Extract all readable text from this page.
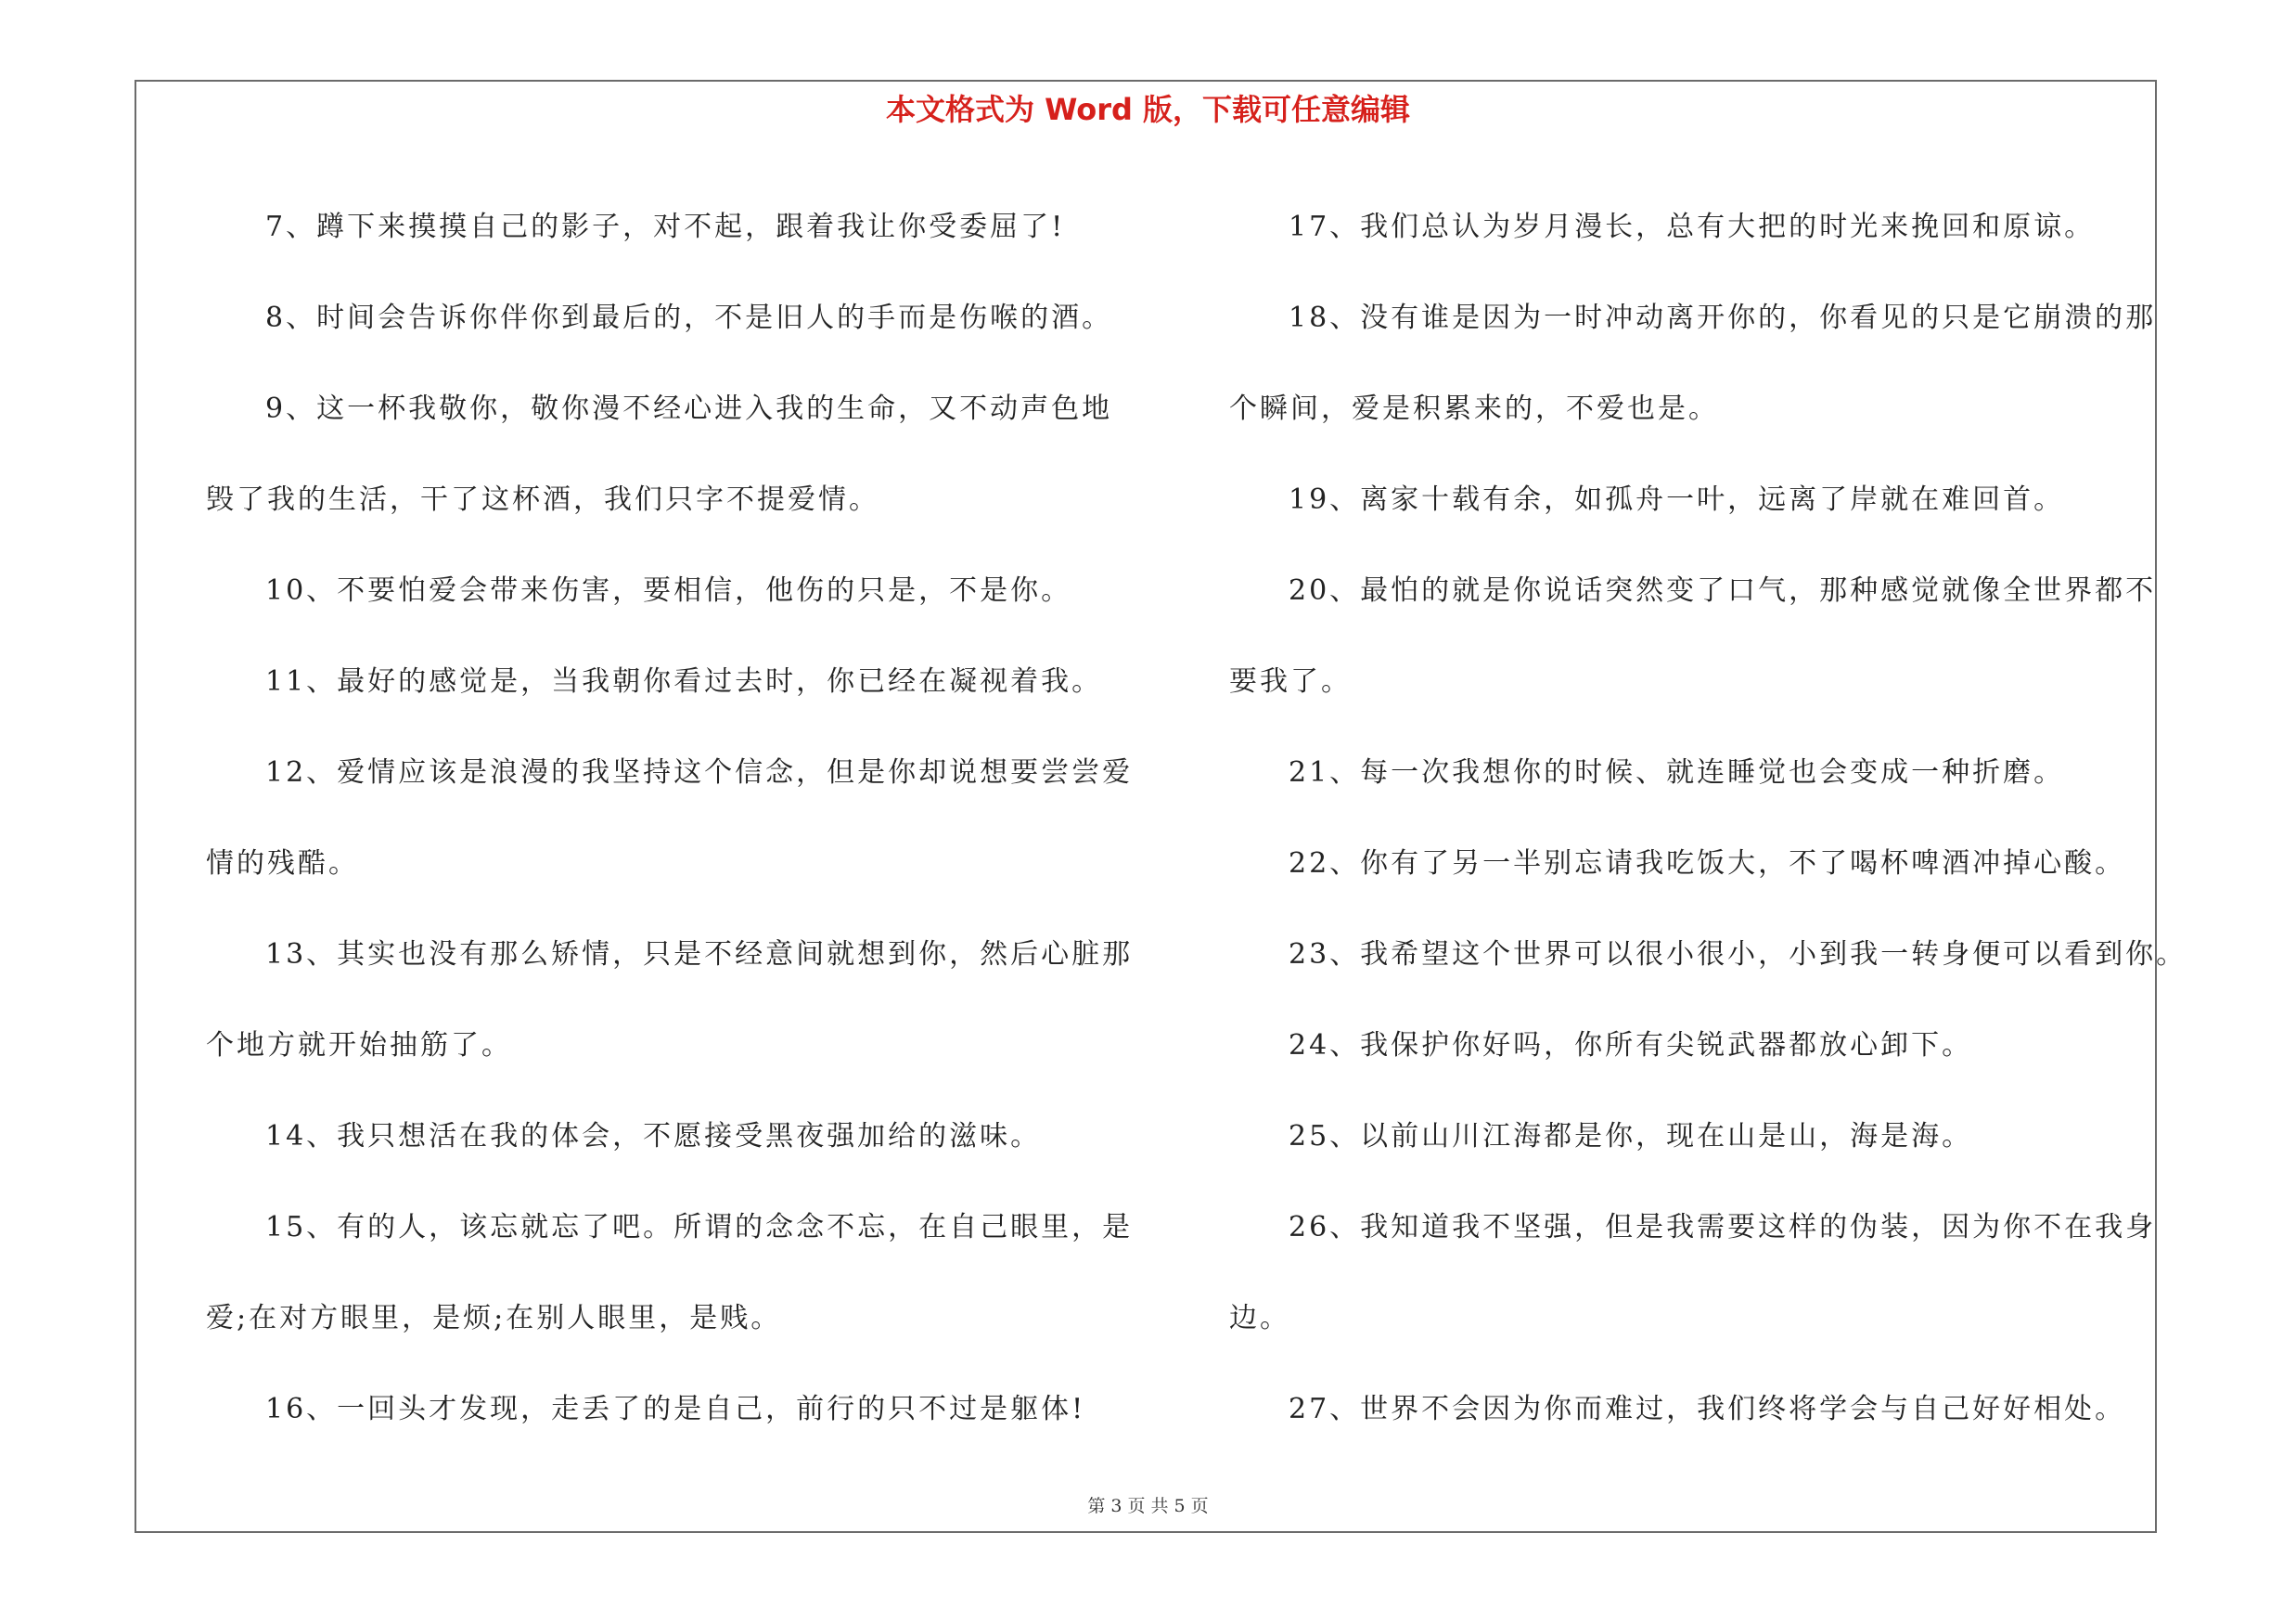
本文格式为 Word 版，下载可任意编辑
7、蹲下来摸摸自己的影子，对不起，跟着我让你受委屈了!
8、时间会告诉你伴你到最后的，不是旧人的手而是伤喉的酒。
9、这一杯我敬你，敬你漫不经心进入我的生命，又不动声色地
毁了我的生活，干了这杯酒，我们只字不提爱情。
10、不要怕爱会带来伤害，要相信，他伤的只是，不是你。
11、最好的感觉是，当我朝你看过去时，你已经在凝视着我。
12、爱情应该是浪漫的我坚持这个信念，但是你却说想要尝尝爱
情的残酷。
13、其实也没有那么矫情，只是不经意间就想到你，然后心脏那
个地方就开始抽筋了。
14、我只想活在我的体会，不愿接受黑夜强加给的滋味。
15、有的人，该忘就忘了吧。所谓的念念不忘，在自己眼里，是
爱;在对方眼里，是烦;在别人眼里，是贱。
16、一回头才发现，走丢了的是自己，前行的只不过是躯体!
17、我们总认为岁月漫长，总有大把的时光来挽回和原谅。
18、没有谁是因为一时冲动离开你的，你看见的只是它崩溃的那
个瞬间，爱是积累来的，不爱也是。
19、离家十载有余，如孤舟一叶，远离了岸就在难回首。
20、最怕的就是你说话突然变了口气，那种感觉就像全世界都不
要我了。
21、每一次我想你的时候、就连睡觉也会变成一种折磨。
22、你有了另一半别忘请我吃饭大，不了喝杯啤酒冲掉心酸。
23、我希望这个世界可以很小很小，小到我一转身便可以看到你。
24、我保护你好吗，你所有尖锐武器都放心卸下。
25、以前山川江海都是你，现在山是山，海是海。
26、我知道我不坚强，但是我需要这样的伪装，因为你不在我身
边。
27、世界不会因为你而难过，我们终将学会与自己好好相处。
第 3 页 共 5 页
